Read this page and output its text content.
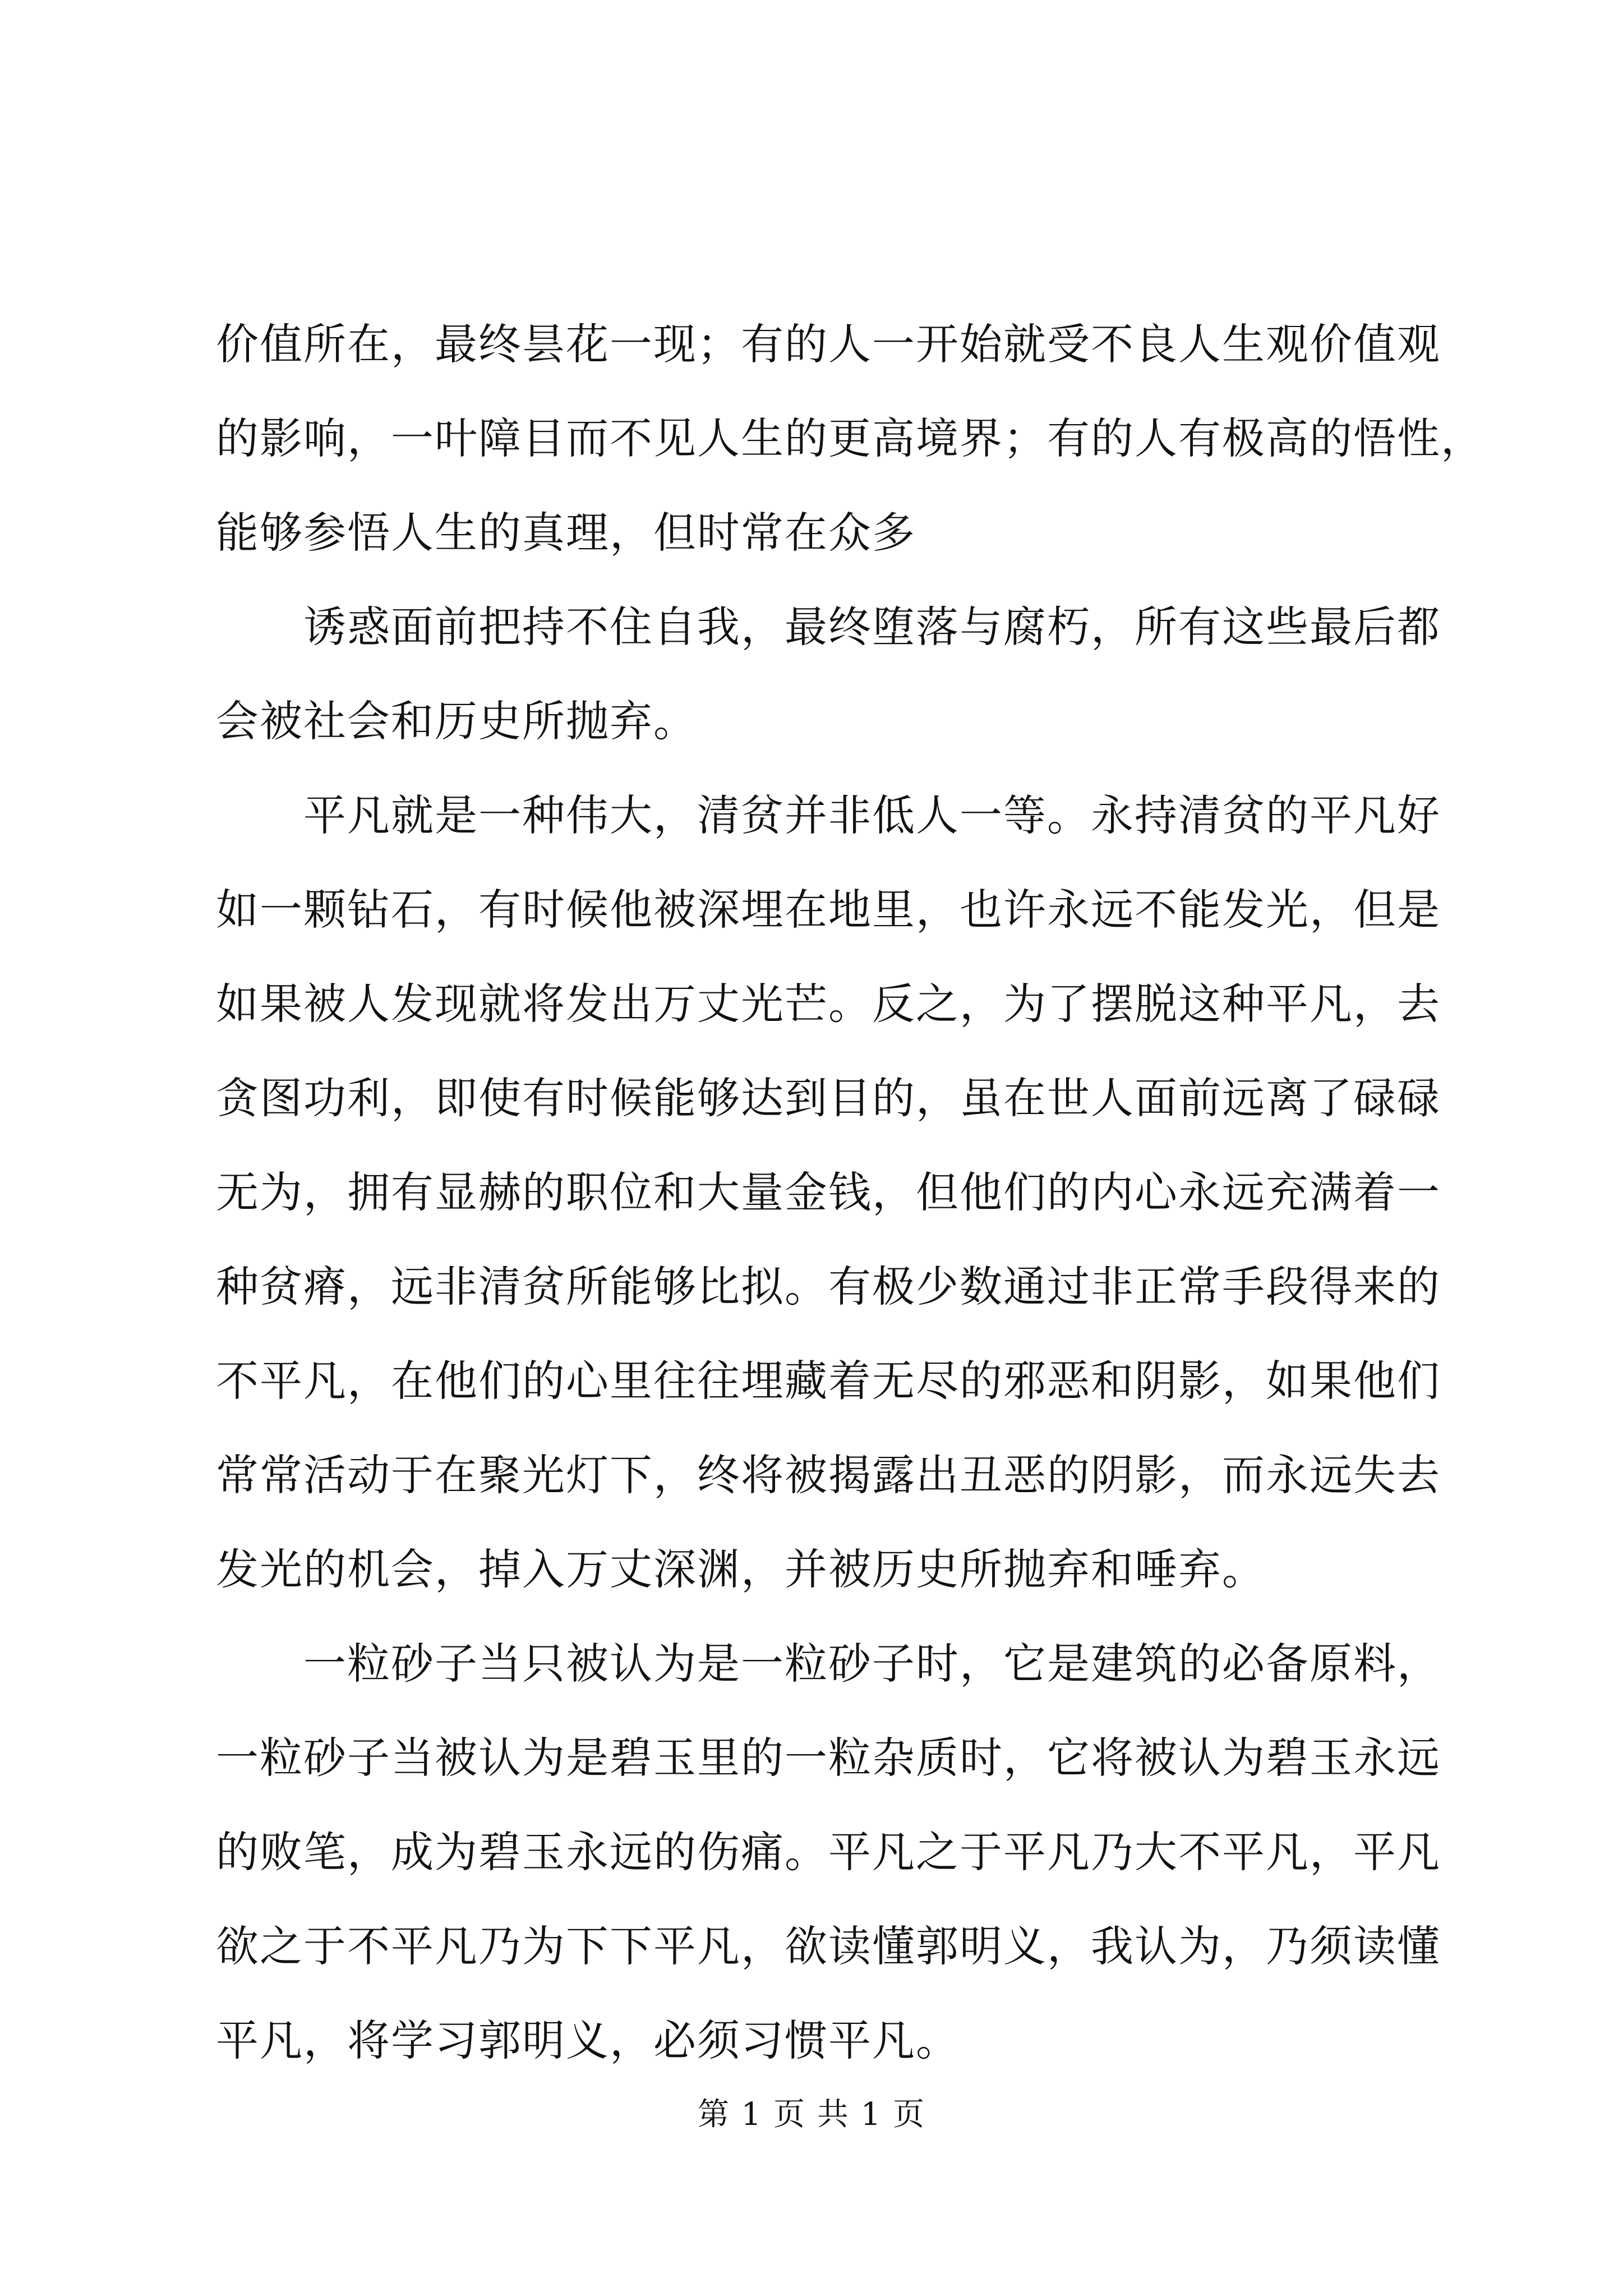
价值所在，最终昙花一现；有的人一开始就受不良人生观价值观
的影响，一叶障目而不见人生的更高境界；有的人有极高的悟性，
能够参悟人生的真理，但时常在众多
　　诱惑面前把持不住自我，最终堕落与腐朽，所有这些最后都
会被社会和历史所抛弃。
　　平凡就是一种伟大，清贫并非低人一等。永持清贫的平凡好
如一颗钻石，有时候他被深埋在地里，也许永远不能发光，但是
如果被人发现就将发出万丈光芒。反之，为了摆脱这种平凡，去
贪图功利，即使有时候能够达到目的，虽在世人面前远离了碌碌
无为，拥有显赫的职位和大量金钱，但他们的内心永远充满着一
种贫瘠，远非清贫所能够比拟。有极少数通过非正常手段得来的
不平凡，在他们的心里往往埋藏着无尽的邪恶和阴影，如果他们
常常活动于在聚光灯下，终将被揭露出丑恶的阴影，而永远失去
发光的机会，掉入万丈深渊，并被历史所抛弃和唾弃。
　　一粒砂子当只被认为是一粒砂子时，它是建筑的必备原料，
一粒砂子当被认为是碧玉里的一粒杂质时，它将被认为碧玉永远
的败笔，成为碧玉永远的伤痛。平凡之于平凡乃大不平凡，平凡
欲之于不平凡乃为下下平凡，欲读懂郭明义，我认为，乃须读懂
平凡，将学习郭明义，必须习惯平凡。
第 1 页 共 1 页
